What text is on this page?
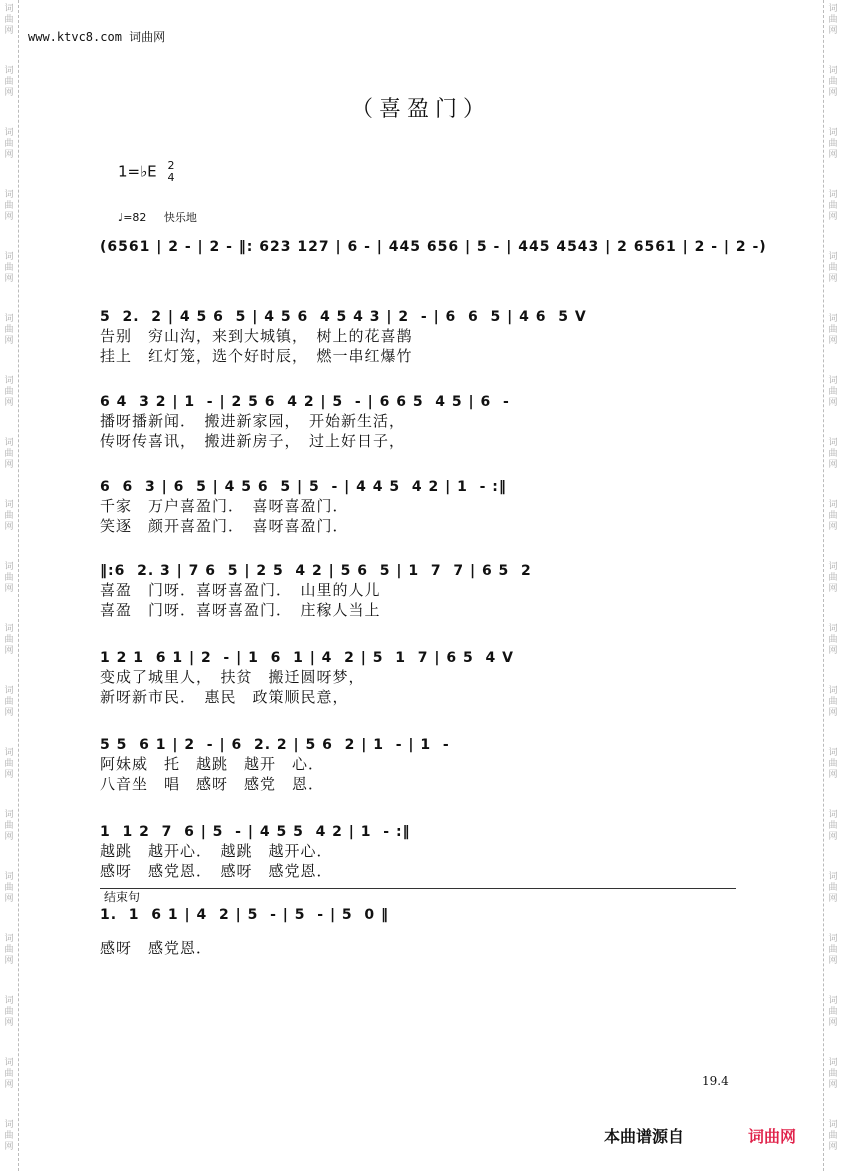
词
曲
网
词
曲
网
词
曲
网
词
曲
网
词
曲
网
词
曲
网
词
曲
网
词
曲
网
词
曲
网
词
曲
网
词
曲
网
词
曲
网
词
曲
网
词
曲
网
词
曲
网
词
曲
网
词
曲
网
词
曲
网
词
曲
网
词
曲
网
词
曲
网
词
曲
网
词
曲
网
词
曲
网
词
曲
网
词
曲
网
词
曲
网
词
曲
网
词
曲
网
词
曲
网
词
曲
网
词
曲
网
词
曲
网
词
曲
网
词
曲
网
词
曲
网
词
曲
网
词
曲
网
www.ktvc8.com 词曲网
（喜盈门）
1=♭E 2
4
♩=82 快乐地
(6561 | 2 - | 2 - ‖: 623 127 | 6 - | 445 656 | 5 - | 445 4543 | 2 6561 | 2 - | 2 -)
5  2.  2 | 4 5 6  5 | 4 5 6  4 5 4 3 | 2  - | 6  6  5 | 4 6  5 V
告别　穷山沟，来到大城镇，　树上的花喜鹊
挂上　红灯笼，选个好时辰，　燃一串红爆竹
6 4  3 2 | 1  - | 2 5 6  4 2 | 5  - | 6 6 5  4 5 | 6  -
播呀播新闻．　搬进新家园，　开始新生活，
传呀传喜讯，　搬进新房子，　过上好日子，
6  6  3 | 6  5 | 4 5 6  5 | 5  - | 4 4 5  4 2 | 1  - :‖
千家　万户喜盈门．　喜呀喜盈门．
笑逐　颜开喜盈门．　喜呀喜盈门．
‖:6  2. 3 | 7 6  5 | 2 5  4 2 | 5 6  5 | 1  7  7 | 6 5  2
喜盈　门呀．喜呀喜盈门．　山里的人儿
喜盈　门呀．喜呀喜盈门．　庄稼人当上
1 2 1  6 1 | 2  - | 1  6  1 | 4  2 | 5  1  7 | 6 5  4 V
变成了城里人，　扶贫　搬迁圆呀梦，
新呀新市民．　惠民　政策顺民意，
5 5  6 1 | 2  - | 6  2. 2 | 5 6  2 | 1  - | 1  -
阿妹威　托　越跳　越开　心．
八音坐　唱　感呀　感党　恩．
1  1 2  7  6 | 5  - | 4 5 5  4 2 | 1  - :‖
越跳　越开心．　越跳　越开心．
感呀　感党恩．　感呀　感党恩．
结束句
1.  1  6 1 | 4  2 | 5  - | 5  - | 5  0 ‖
感呀　感党恩．
19.4
本曲谱源自	词曲网
